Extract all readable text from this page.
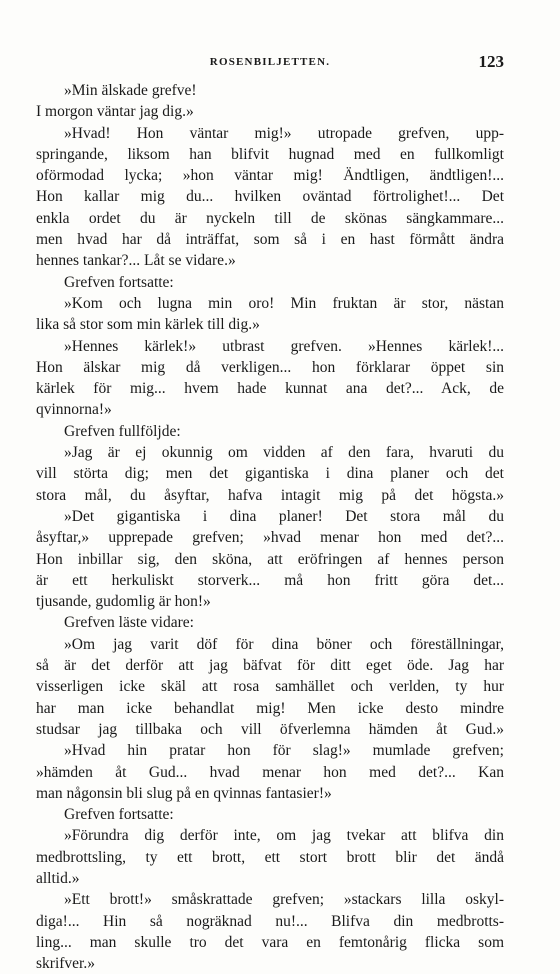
ROSENBILJETTEN.	123
»Min älskade grefve!
I morgon väntar jag dig.»
»Hvad! Hon väntar mig!» utropade grefven, upp-
springande, liksom han blifvit hugnad med en fullkomligt
oförmodad lycka; »hon väntar mig! Ändtligen, ändtligen!...
Hon kallar mig du... hvilken oväntad förtrolighet!... Det
enkla ordet du är nyckeln till de skönas sängkammare...
men hvad har då inträffat, som så i en hast förmått ändra
hennes tankar?... Låt se vidare.»
Grefven fortsatte:
»Kom och lugna min oro! Min fruktan är stor, nästan
lika så stor som min kärlek till dig.»
»Hennes kärlek!» utbrast grefven. »Hennes kärlek!...
Hon älskar mig då verkligen... hon förklarar öppet sin
kärlek för mig... hvem hade kunnat ana det?... Ack, de
qvinnorna!»
Grefven fullföljde:
»Jag är ej okunnig om vidden af den fara, hvaruti du
vill störta dig; men det gigantiska i dina planer och det
stora mål, du åsyftar, hafva intagit mig på det högsta.»
»Det gigantiska i dina planer! Det stora mål du
åsyftar,» upprepade grefven; »hvad menar hon med det?...
Hon inbillar sig, den sköna, att eröfringen af hennes person
är ett herkuliskt storverk... må hon fritt göra det...
tjusande, gudomlig är hon!»
Grefven läste vidare:
»Om jag varit döf för dina böner och föreställningar,
så är det derför att jag bäfvat för ditt eget öde. Jag har
visserligen icke skäl att rosa samhället och verlden, ty hur
har man icke behandlat mig! Men icke desto mindre
studsar jag tillbaka och vill öfverlemna hämden åt Gud.»
»Hvad hin pratar hon för slag!» mumlade grefven;
»hämden åt Gud... hvad menar hon med det?... Kan
man någonsin bli slug på en qvinnas fantasier!»
Grefven fortsatte:
»Förundra dig derför inte, om jag tvekar att blifva din
medbrottsling, ty ett brott, ett stort brott blir det ändå
alltid.»
»Ett brott!» småskrattade grefven; »stackars lilla oskyl-
diga!... Hin så nogräknad nu!... Blifva din medbrotts-
ling... man skulle tro det vara en femtonårig flicka som
skrifver.»
